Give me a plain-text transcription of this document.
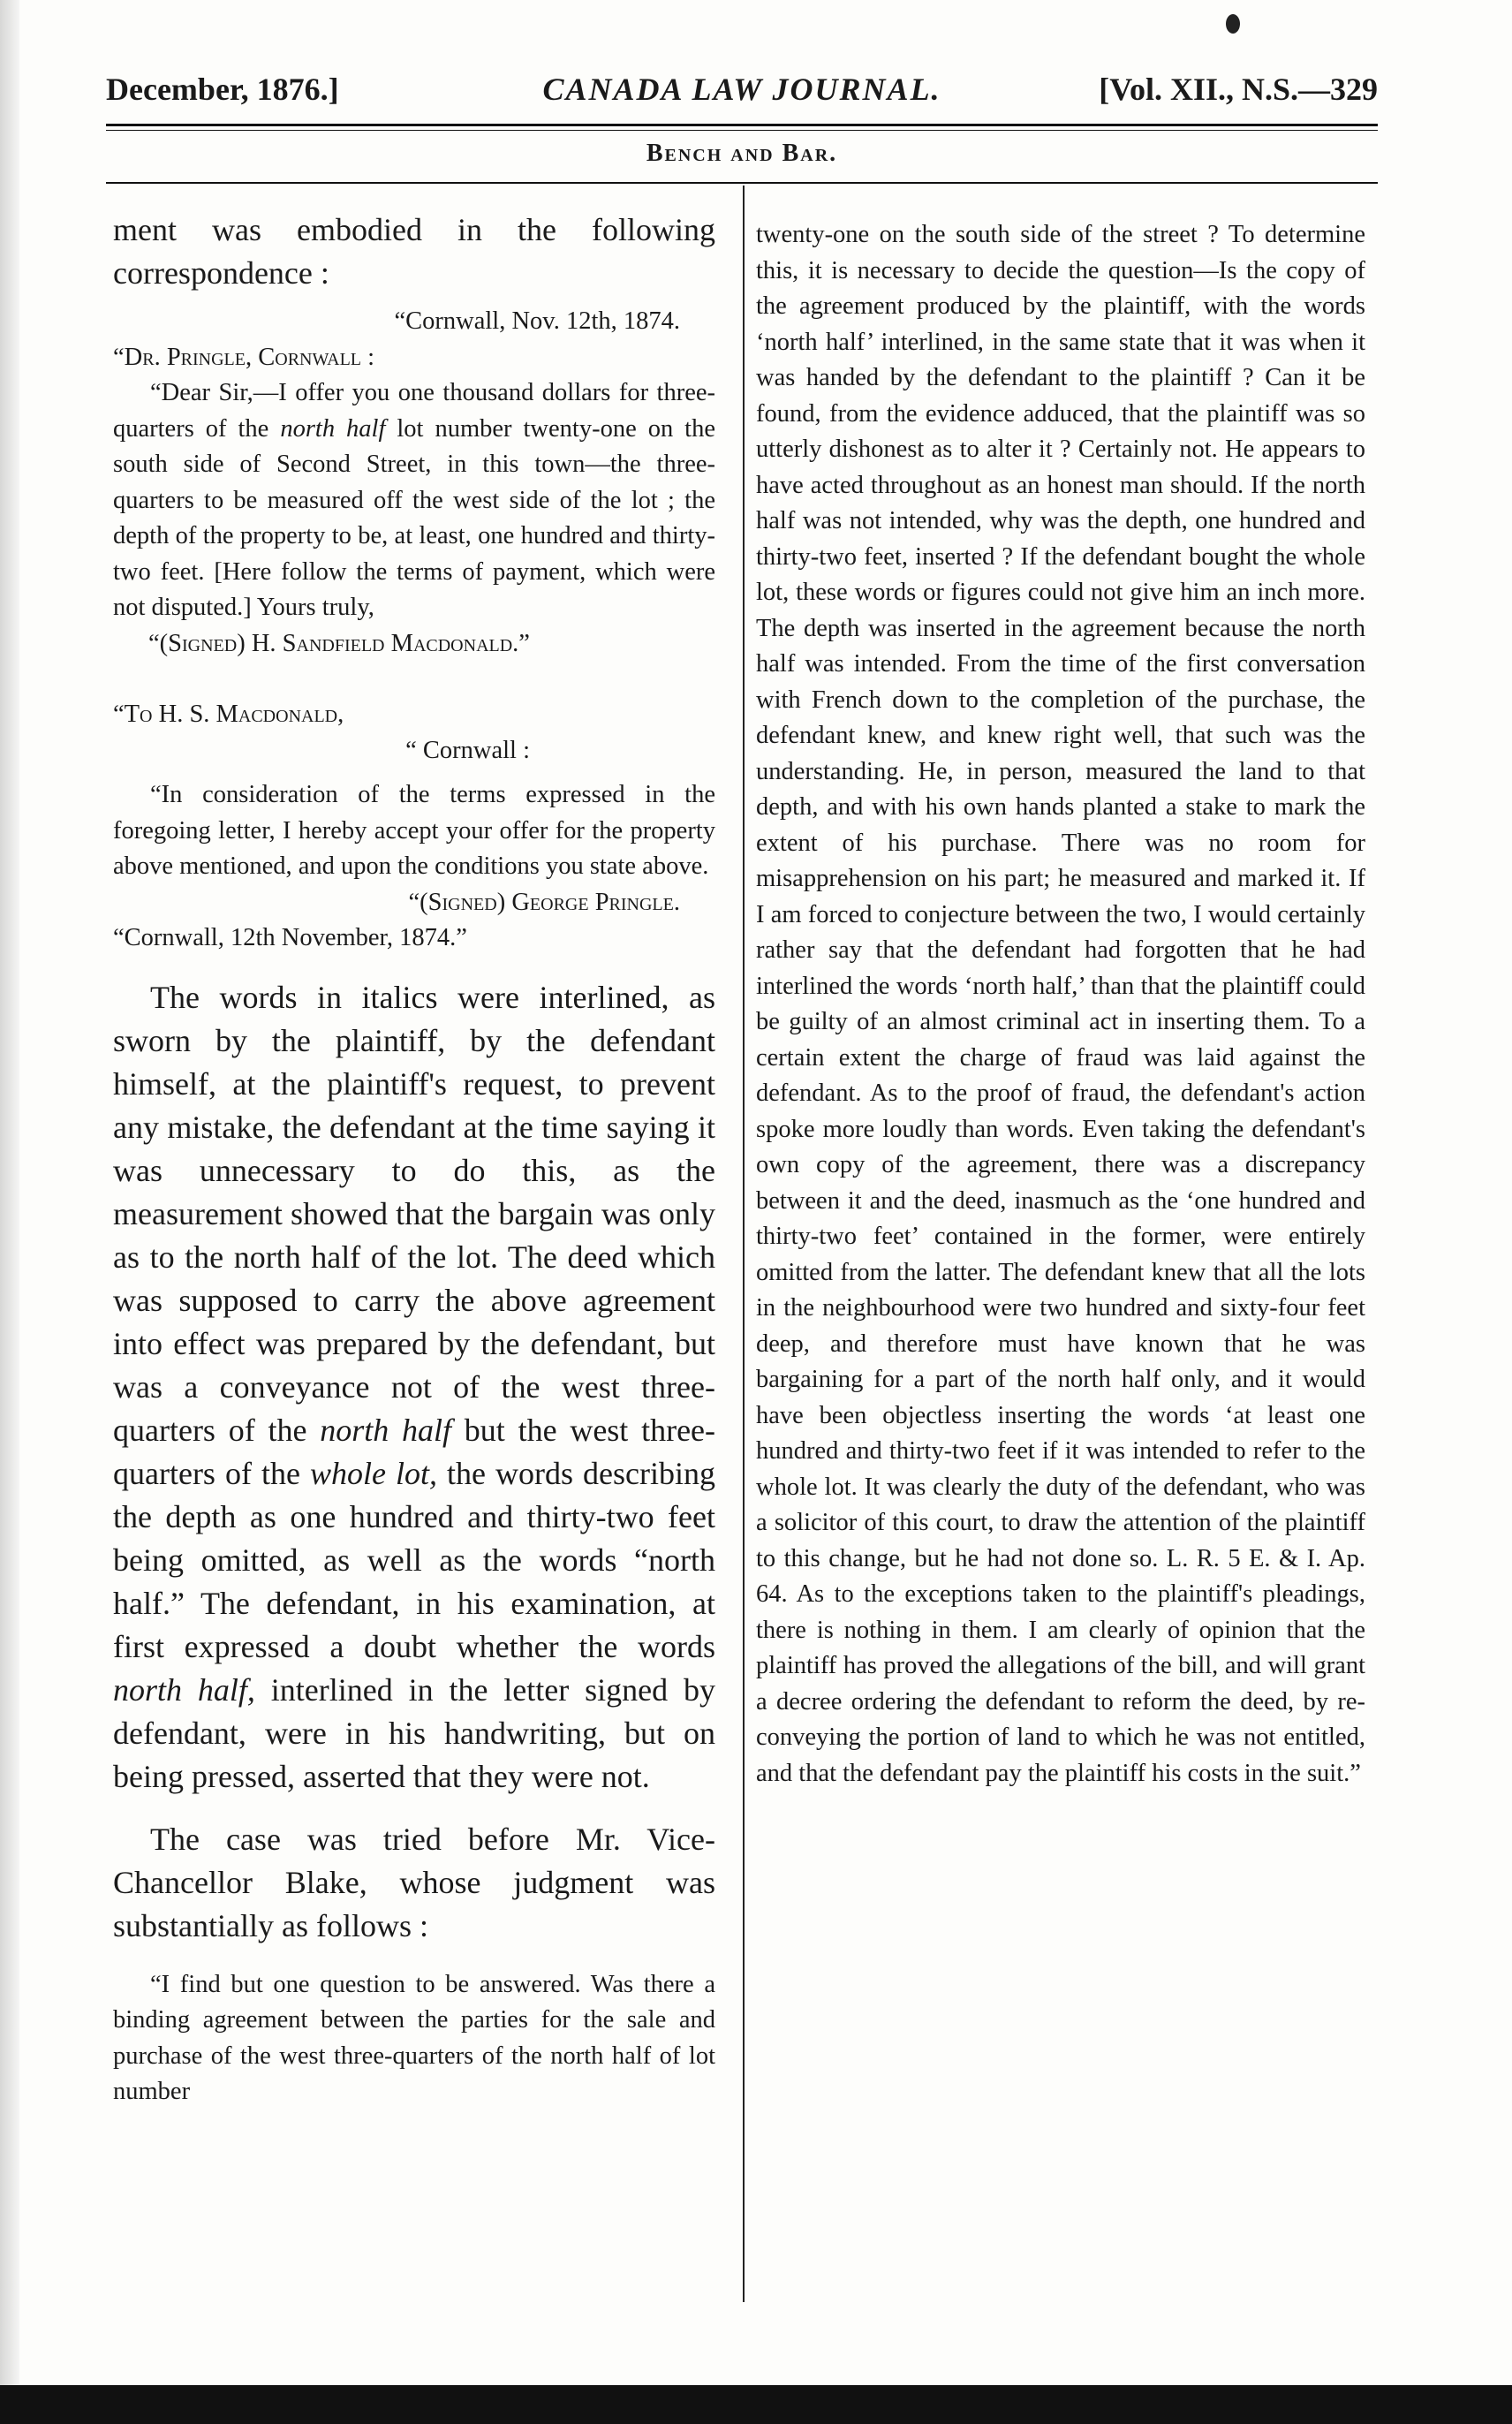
December, 1876.]	CANADA LAW JOURNAL.	[Vol. XII., N.S.—329
Bench and Bar.

ment was embodied in the following correspondence :

“Cornwall, Nov. 12th, 1874.

“Dr. Pringle, Cornwall :

“Dear Sir,—I offer you one thousand dollars for three-quarters of the north half lot number twenty-one on the south side of Second Street, in this town—the three-quarters to be measured off the west side of the lot ; the depth of the property to be, at least, one hundred and thirty-two feet. [Here follow the terms of payment, which were not disputed.] Yours truly,

“(Signed) H. Sandfield Macdonald.”

“To H. S. Macdonald,

“ Cornwall :

“In consideration of the terms expressed in the foregoing letter, I hereby accept your offer for the property above mentioned, and upon the conditions you state above.

“(Signed) George Pringle.

“Cornwall, 12th November, 1874.”

The words in italics were interlined, as sworn by the plaintiff, by the defendant himself, at the plaintiff's request, to prevent any mistake, the defendant at the time saying it was unnecessary to do this, as the measurement showed that the bargain was only as to the north half of the lot. The deed which was supposed to carry the above agreement into effect was prepared by the defendant, but was a conveyance not of the west three-quarters of the north half but the west three-quarters of the whole lot, the words describing the depth as one hundred and thirty-two feet being omitted, as well as the words “north half.” The defendant, in his examination, at first expressed a doubt whether the words north half, interlined in the letter signed by defendant, were in his handwriting, but on being pressed, asserted that they were not.

The case was tried before Mr. Vice-Chancellor Blake, whose judgment was substantially as follows :

“I find but one question to be answered. Was there a binding agreement between the parties for the sale and purchase of the west three-quarters of the north half of lot number

twenty-one on the south side of the street ? To determine this, it is necessary to decide the question—Is the copy of the agreement produced by the plaintiff, with the words ‘north half’ interlined, in the same state that it was when it was handed by the defendant to the plaintiff ? Can it be found, from the evidence adduced, that the plaintiff was so utterly dishonest as to alter it ? Certainly not. He appears to have acted throughout as an honest man should. If the north half was not intended, why was the depth, one hundred and thirty-two feet, inserted ? If the defendant bought the whole lot, these words or figures could not give him an inch more. The depth was inserted in the agreement because the north half was intended. From the time of the first conversation with French down to the completion of the purchase, the defendant knew, and knew right well, that such was the understanding. He, in person, measured the land to that depth, and with his own hands planted a stake to mark the extent of his purchase. There was no room for misapprehension on his part; he measured and marked it. If I am forced to conjecture between the two, I would certainly rather say that the defendant had forgotten that he had interlined the words ‘north half,’ than that the plaintiff could be guilty of an almost criminal act in inserting them. To a certain extent the charge of fraud was laid against the defendant. As to the proof of fraud, the defendant's action spoke more loudly than words. Even taking the defendant's own copy of the agreement, there was a discrepancy between it and the deed, inasmuch as the ‘one hundred and thirty-two feet’ contained in the former, were entirely omitted from the latter. The defendant knew that all the lots in the neighbourhood were two hundred and sixty-four feet deep, and therefore must have known that he was bargaining for a part of the north half only, and it would have been objectless inserting the words ‘at least one hundred and thirty-two feet if it was intended to refer to the whole lot. It was clearly the duty of the defendant, who was a solicitor of this court, to draw the attention of the plaintiff to this change, but he had not done so. L. R. 5 E. & I. Ap. 64. As to the exceptions taken to the plaintiff's pleadings, there is nothing in them. I am clearly of opinion that the plaintiff has proved the allegations of the bill, and will grant a decree ordering the defendant to reform the deed, by re-conveying the portion of land to which he was not entitled, and that the defendant pay the plaintiff his costs in the suit.”
